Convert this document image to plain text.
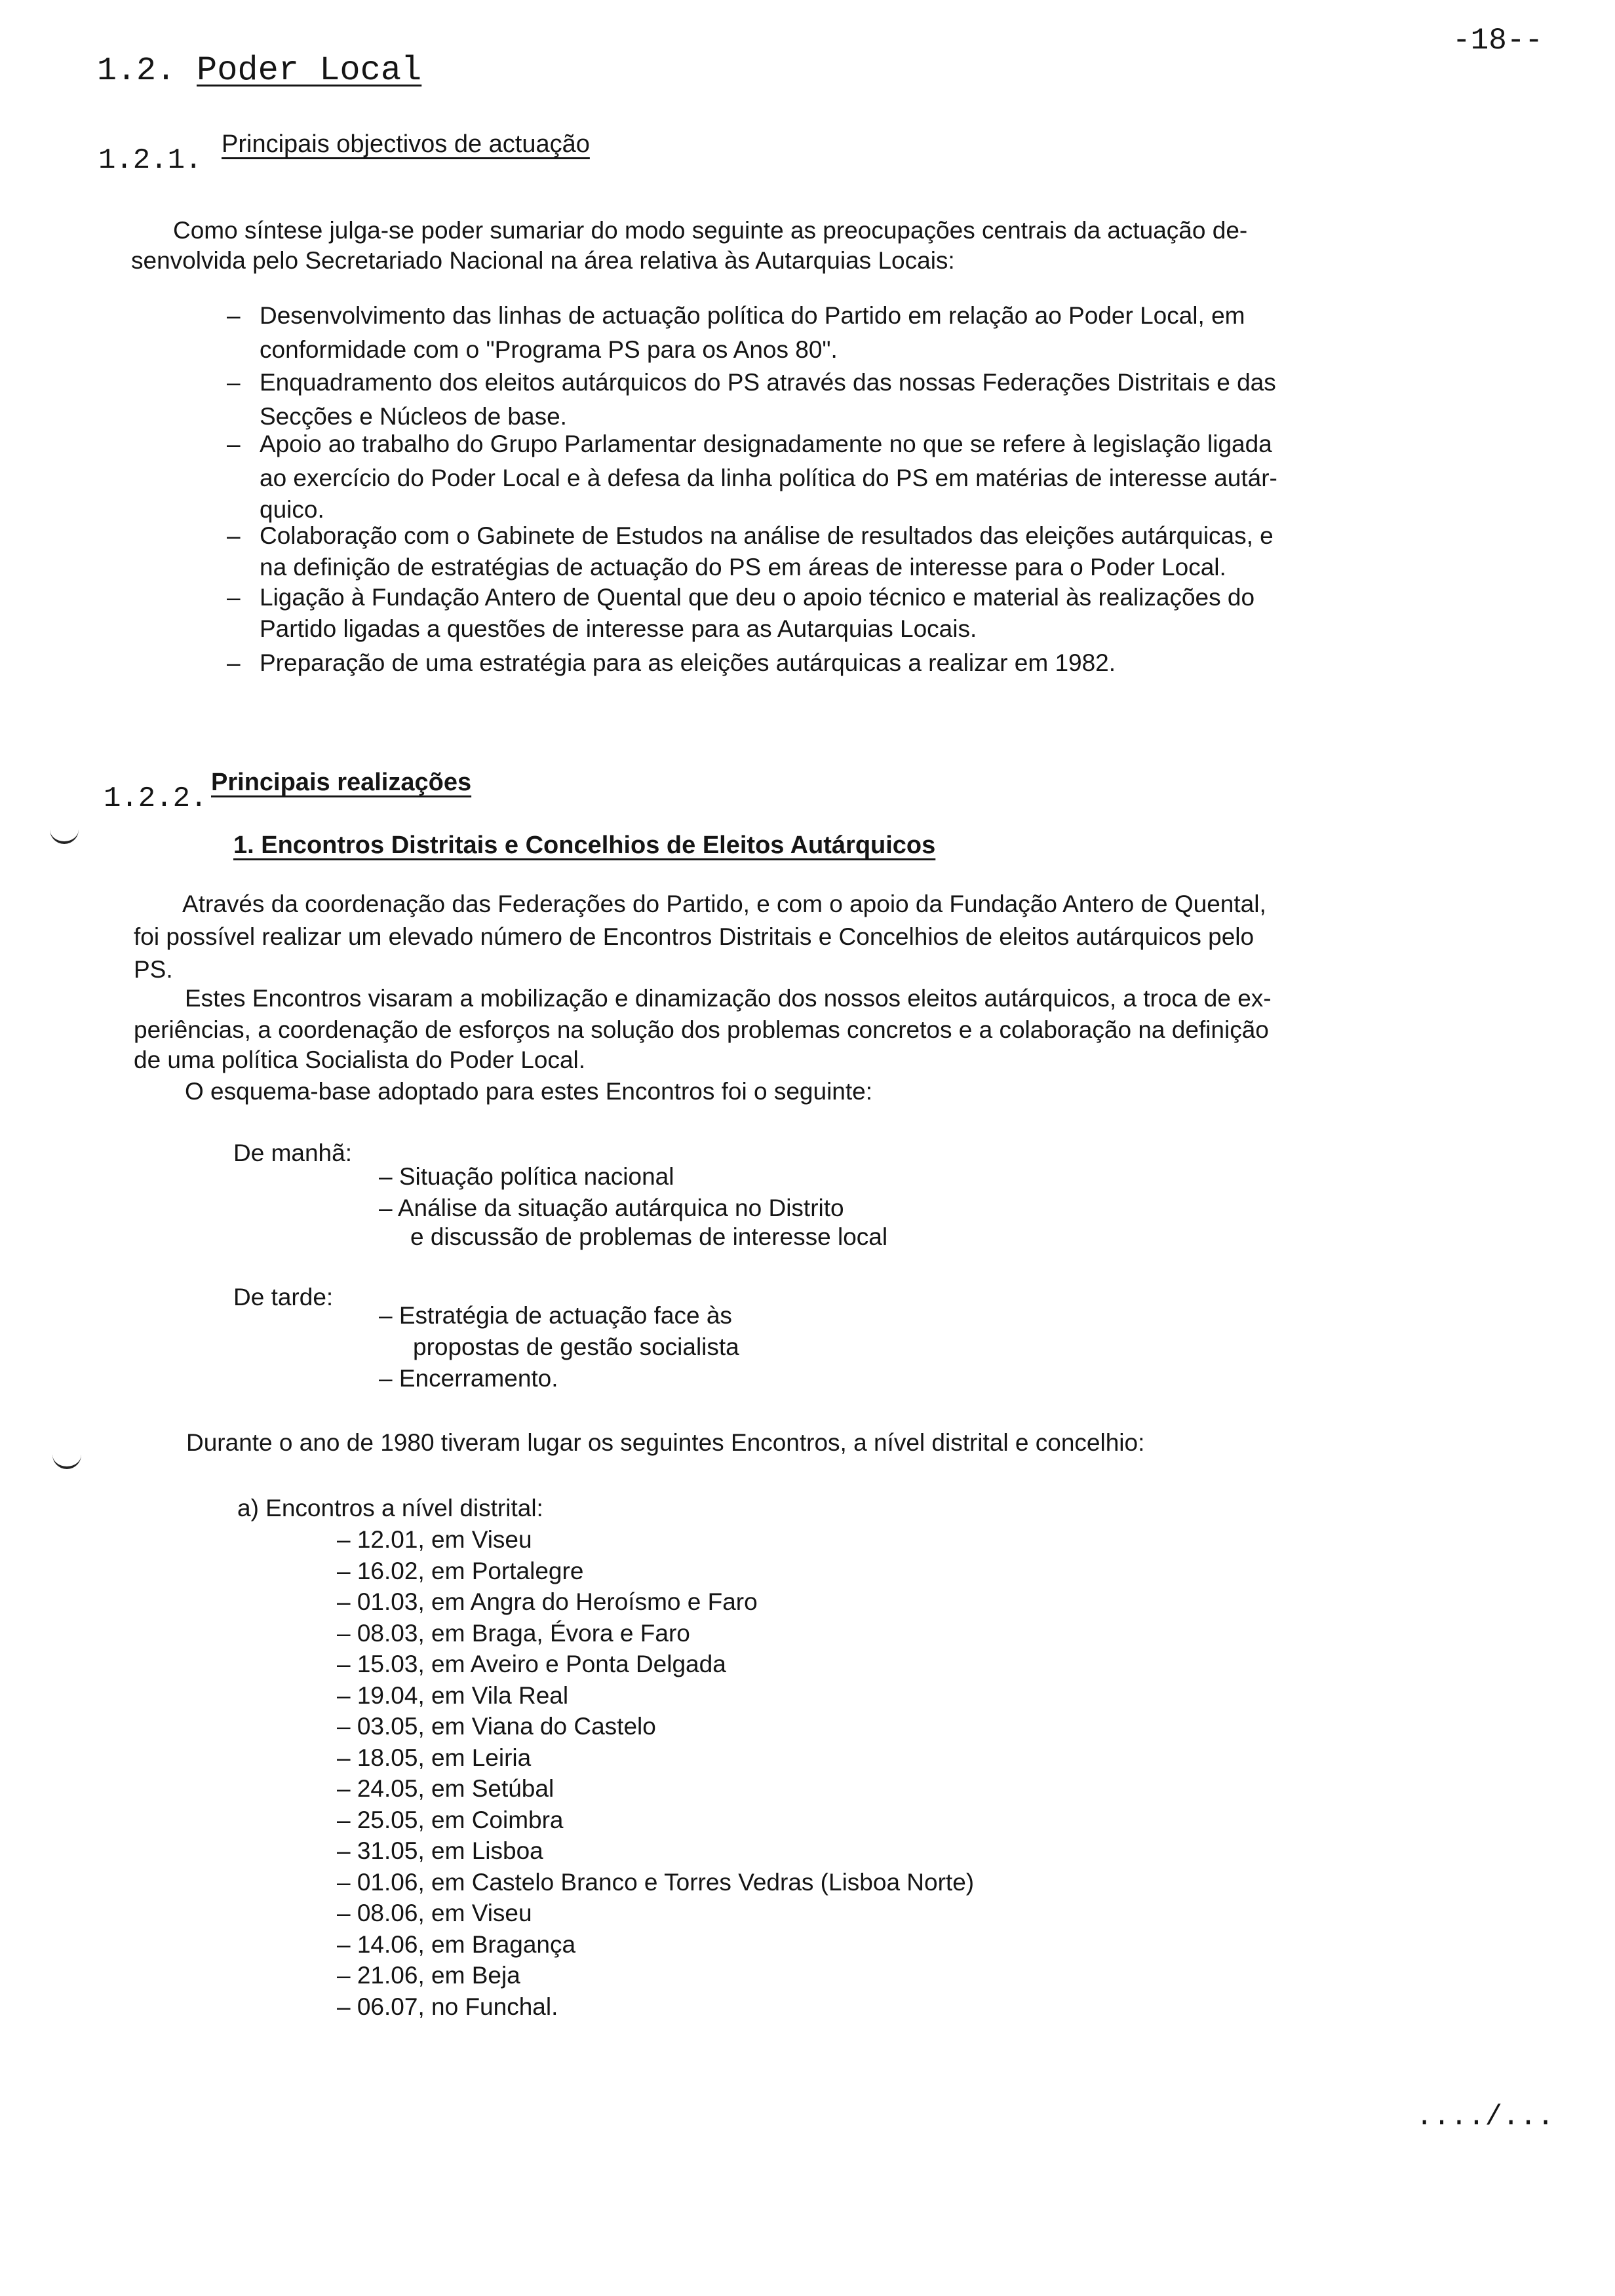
-18--
1.2. Poder Local
1.2.1. Principais objectivos de actuação
Como síntese julga-se poder sumariar do modo seguinte as preocupações centrais da actuação de-
senvolvida pelo Secretariado Nacional na área relativa às Autarquias Locais:
– Desenvolvimento das linhas de actuação política do Partido em relação ao Poder Local, em
conformidade com o "Programa PS para os Anos 80".
– Enquadramento dos eleitos autárquicos do PS através das nossas Federações Distritais e das
Secções e Núcleos de base.
– Apoio ao trabalho do Grupo Parlamentar designadamente no que se refere à legislação ligada
ao exercício do Poder Local e à defesa da linha política do PS em matérias de interesse autár-
quico.
– Colaboração com o Gabinete de Estudos na análise de resultados das eleições autárquicas, e
na definição de estratégias de actuação do PS em áreas de interesse para o Poder Local.
– Ligação à Fundação Antero de Quental que deu o apoio técnico e material às realizações do
Partido ligadas a questões de interesse para as Autarquias Locais.
– Preparação de uma estratégia para as eleições autárquicas a realizar em 1982.
1.2.2. Principais realizações
1. Encontros Distritais e Concelhios de Eleitos Autárquicos
Através da coordenação das Federações do Partido, e com o apoio da Fundação Antero de Quental,
foi possível realizar um elevado número de Encontros Distritais e Concelhios de eleitos autárquicos pelo
PS.
Estes Encontros visaram a mobilização e dinamização dos nossos eleitos autárquicos, a troca de ex-
periências, a coordenação de esforços na solução dos problemas concretos e a colaboração na definição
de uma política Socialista do Poder Local.
O esquema-base adoptado para estes Encontros foi o seguinte:
De manhã:
– Situação política nacional
– Análise da situação autárquica no Distrito
e discussão de problemas de interesse local
De tarde:
– Estratégia de actuação face às
propostas de gestão socialista
– Encerramento.
Durante o ano de 1980 tiveram lugar os seguintes Encontros, a nível distrital e concelhio:
a) Encontros a nível distrital:
– 12.01, em Viseu
– 16.02, em Portalegre
– 01.03, em Angra do Heroísmo e Faro
– 08.03, em Braga, Évora e Faro
– 15.03, em Aveiro e Ponta Delgada
– 19.04, em Vila Real
– 03.05, em Viana do Castelo
– 18.05, em Leiria
– 24.05, em Setúbal
– 25.05, em Coimbra
– 31.05, em Lisboa
– 01.06, em Castelo Branco e Torres Vedras (Lisboa Norte)
– 08.06, em Viseu
– 14.06, em Bragança
– 21.06, em Beja
– 06.07, no Funchal.
..../...
